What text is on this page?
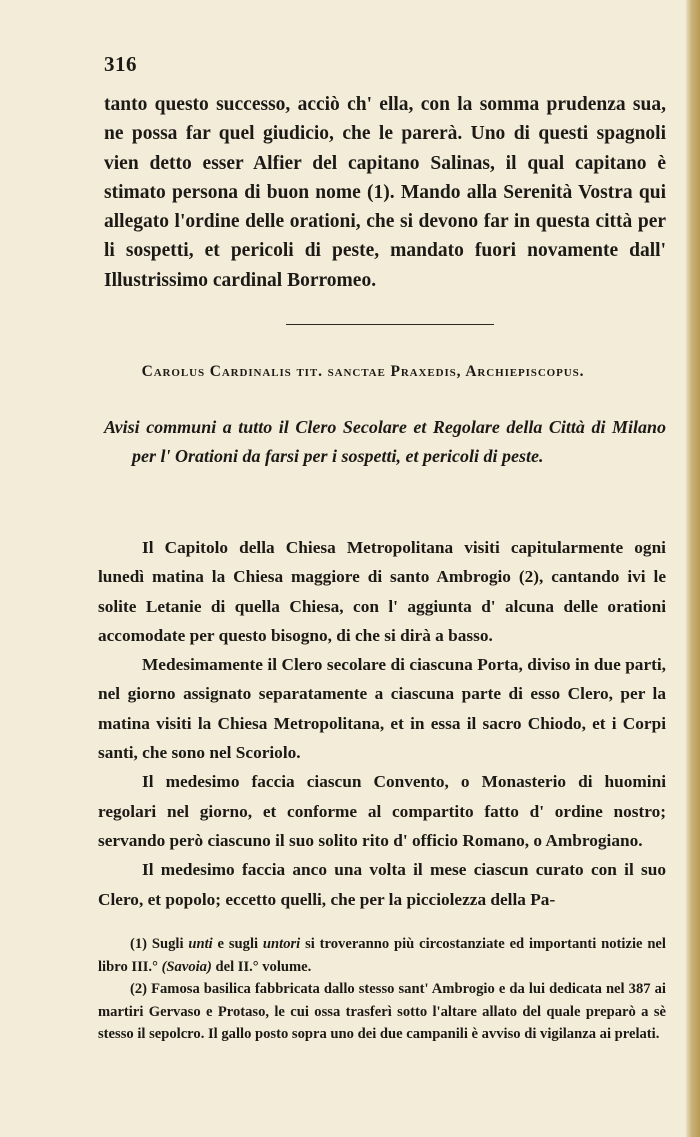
316

tanto questo successo, acciò ch' ella, con la somma prudenza sua, ne possa far quel giudicio, che le parerà. Uno di questi spagnoli vien detto esser Alfier del capitano Salinas, il qual capitano è stimato persona di buon nome (1). Mando alla Serenità Vostra qui allegato l'ordine delle orationi, che si devono far in questa città per li sospetti, et pericoli di peste, mandato fuori novamente dall' Illustrissimo cardinal Borromeo.

Carolus Cardinalis tit. sanctae Praxedis, Archiepiscopus.

Avisi communi a tutto il Clero Secolare et Regolare della Città di Milano per l' Orationi da farsi per i sospetti, et pericoli di peste.

Il Capitolo della Chiesa Metropolitana visiti capitularmente ogni lunedì matina la Chiesa maggiore di santo Ambrogio (2), cantando ivi le solite Letanie di quella Chiesa, con l' aggiunta d' alcuna delle orationi accomodate per questo bisogno, di che si dirà a basso.

Medesimamente il Clero secolare di ciascuna Porta, diviso in due parti, nel giorno assignato separatamente a ciascuna parte di esso Clero, per la matina visiti la Chiesa Metropolitana, et in essa il sacro Chiodo, et i Corpi santi, che sono nel Scoriolo.

Il medesimo faccia ciascun Convento, o Monasterio di huomini regolari nel giorno, et conforme al compartito fatto d' ordine nostro; servando però ciascuno il suo solito rito d' officio Romano, o Ambrogiano.

Il medesimo faccia anco una volta il mese ciascun curato con il suo Clero, et popolo; eccetto quelli, che per la picciolezza della Pa-

(1) Sugli unti e sugli untori si troveranno più circostanziate ed importanti notizie nel libro III.° (Savoia) del II.° volume.

(2) Famosa basilica fabbricata dallo stesso sant' Ambrogio e da lui dedicata nel 387 ai martiri Gervaso e Protaso, le cui ossa trasferì sotto l'altare allato del quale preparò a sè stesso il sepolcro. Il gallo posto sopra uno dei due campanili è avviso di vigilanza ai prelati.
